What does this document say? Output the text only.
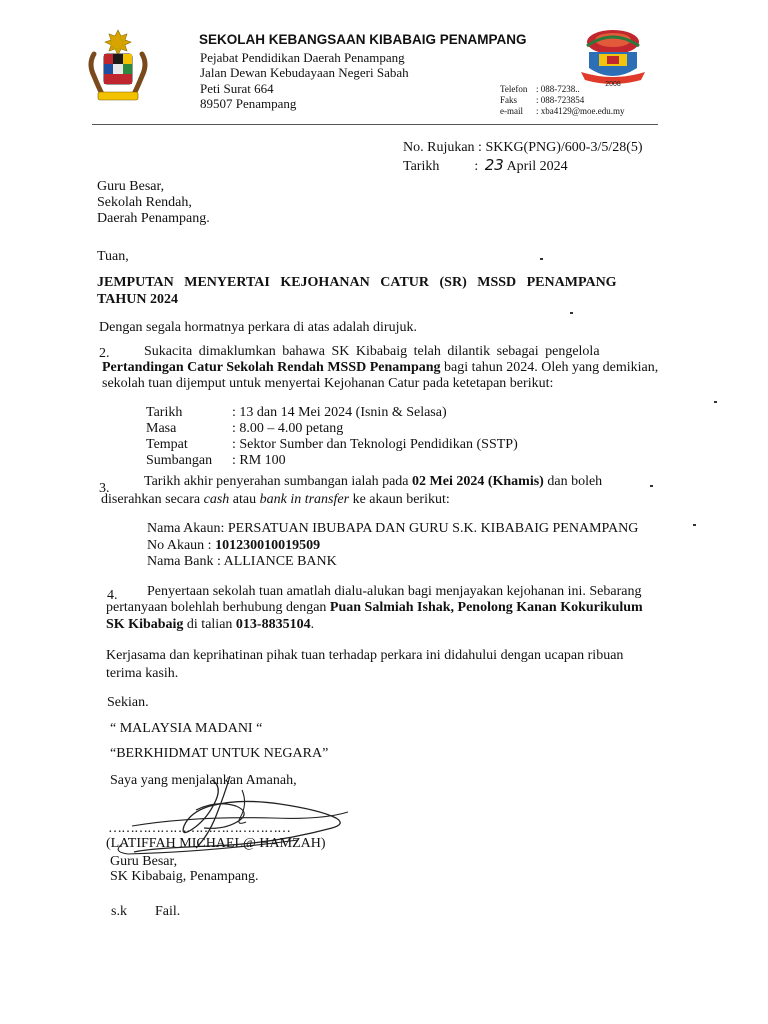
2008
SEKOLAH KEBANGSAAN KIBABAIG PENAMPANG
Pejabat Pendidikan Daerah Penampang
Jalan Dewan Kebudayaan Negeri Sabah
Peti Surat 664
89507 Penampang
Telefon : 088-7238..
Faks : 088-723854
e-mail : xba4129@moe.edu.my
No. Rujukan : SKKG(PNG)/600-3/5/28(5)
Tarikh	: 23 April 2024
Guru Besar,
Sekolah Rendah,
Daerah Penampang.
Tuan,
JEMPUTAN MENYERTAI KEJOHANAN CATUR (SR) MSSD PENAMPANG
TAHUN 2024
Dengan segala hormatnya perkara di atas adalah dirujuk.
2. Sukacita dimaklumkan bahawa SK Kibabaig telah dilantik sebagai pengelola
Pertandingan Catur Sekolah Rendah MSSD Penampang bagi tahun 2024. Oleh yang demikian,
sekolah tuan dijemput untuk menyertai Kejohanan Catur pada ketetapan berikut:
Tarikh	: 13 dan 14 Mei 2024 (Isnin & Selasa)
Masa	: 8.00 – 4.00 petang
Tempat	: Sektor Sumber dan Teknologi Pendidikan (SSTP)
Sumbangan : RM 100
3. Tarikh akhir penyerahan sumbangan ialah pada 02 Mei 2024 (Khamis) dan boleh
diserahkan secara cash atau bank in transfer ke akaun berikut:
Nama Akaun: PERSATUAN IBUBAPA DAN GURU S.K. KIBABAIG PENAMPANG
No Akaun : 101230010019509
Nama Bank : ALLIANCE BANK
4. Penyertaan sekolah tuan amatlah dialu-alukan bagi menjayakan kejohanan ini. Sebarang
pertanyaan bolehlah berhubung dengan Puan Salmiah Ishak, Penolong Kanan Kokurikulum
SK Kibabaig di talian 013-8835104.
Kerjasama dan keprihatinan pihak tuan terhadap perkara ini didahului dengan ucapan ribuan
terima kasih.
Sekian.
“ MALAYSIA MADANI “
“BERKHIDMAT UNTUK NEGARA”
Saya yang menjalankan Amanah,
……………………………………
(LATIFFAH MICHAEL@ HAMZAH)
Guru Besar,
SK Kibabaig, Penampang.
s.k Fail.
